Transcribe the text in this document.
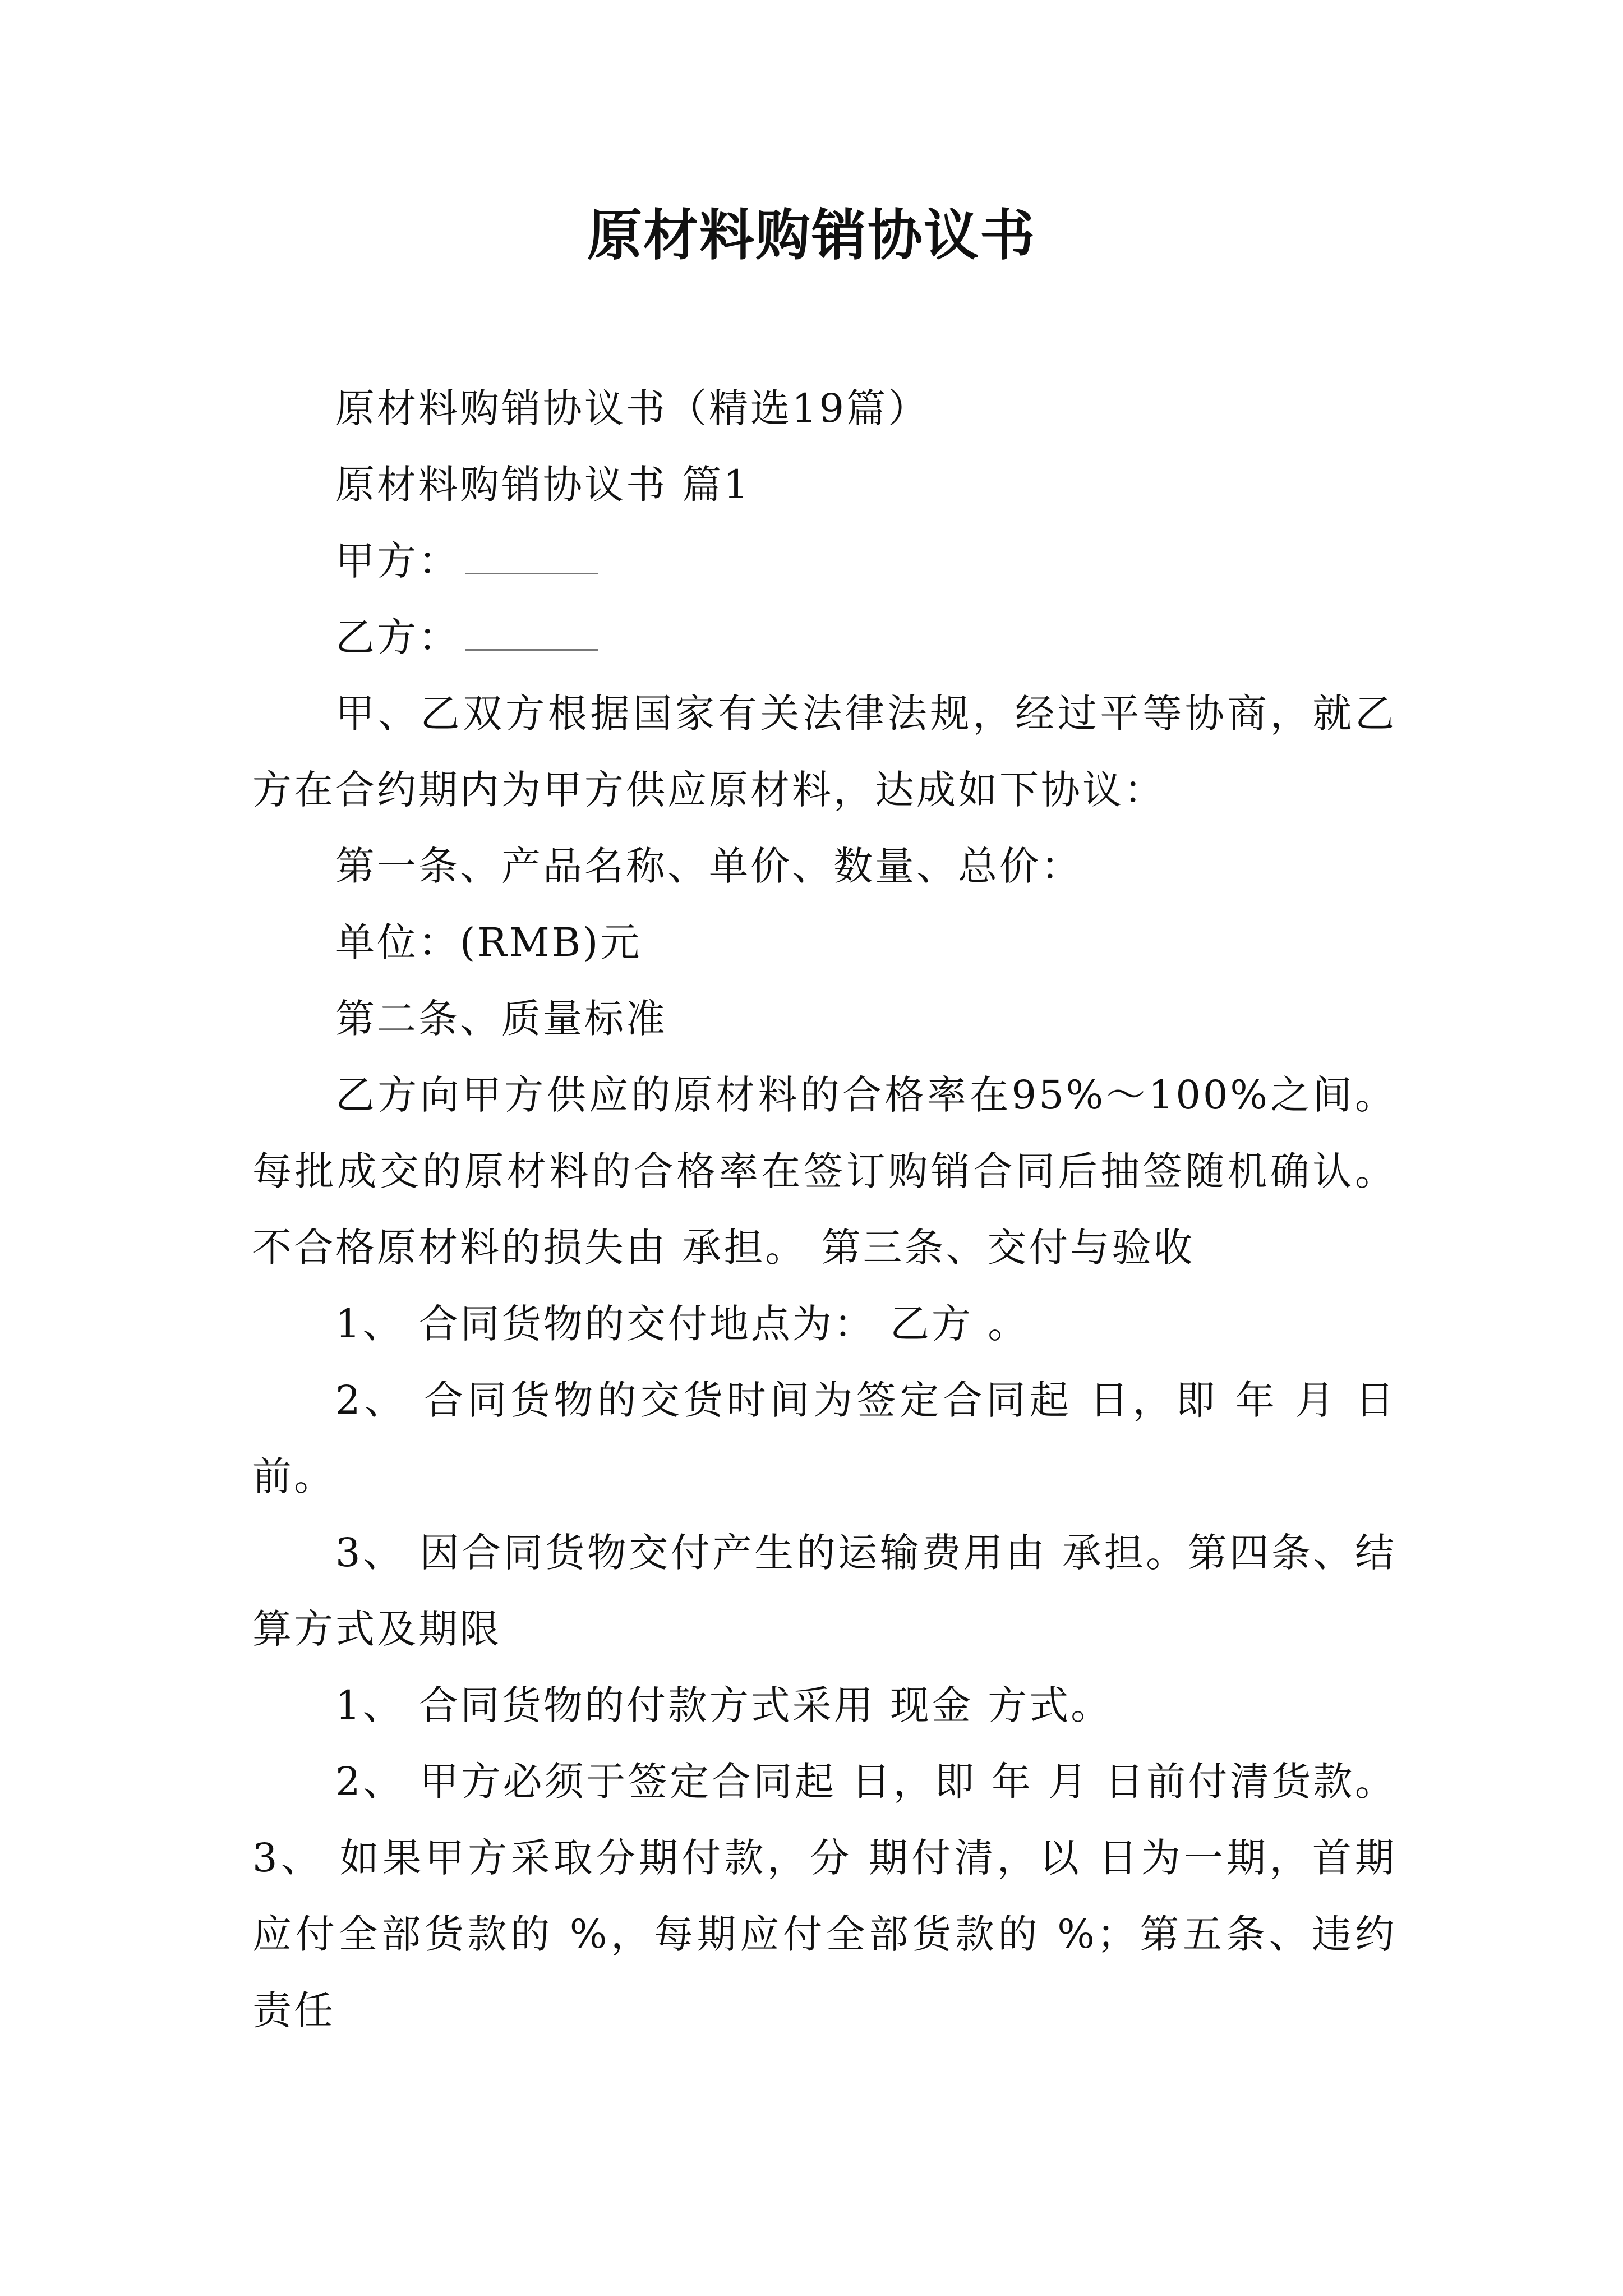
原材料购销协议书

原材料购销协议书（精选19篇）

原材料购销协议书 篇1

甲方：

乙方：

甲、乙双方根据国家有关法律法规，经过平等协商，就乙方在合约期内为甲方供应原材料，达成如下协议：

第一条、产品名称、单价、数量、总价：

单位：(RMB)元

第二条、质量标准

乙方向甲方供应的原材料的合格率在95%～100%之间。每批成交的原材料的合格率在签订购销合同后抽签随机确认。不合格原材料的损失由 承担。 第三条、交付与验收

1、 合同货物的交付地点为： 乙方 。

2、 合同货物的交货时间为签定合同起 日，即 年 月 日前。

3、 因合同货物交付产生的运输费用由 承担。第四条、结算方式及期限

1、 合同货物的付款方式采用 现金 方式。

2、 甲方必须于签定合同起 日，即 年 月 日前付清货款。 3、 如果甲方采取分期付款，分 期付清，以 日为一期，首期应付全部货款的 %，每期应付全部货款的 %；第五条、违约责任
